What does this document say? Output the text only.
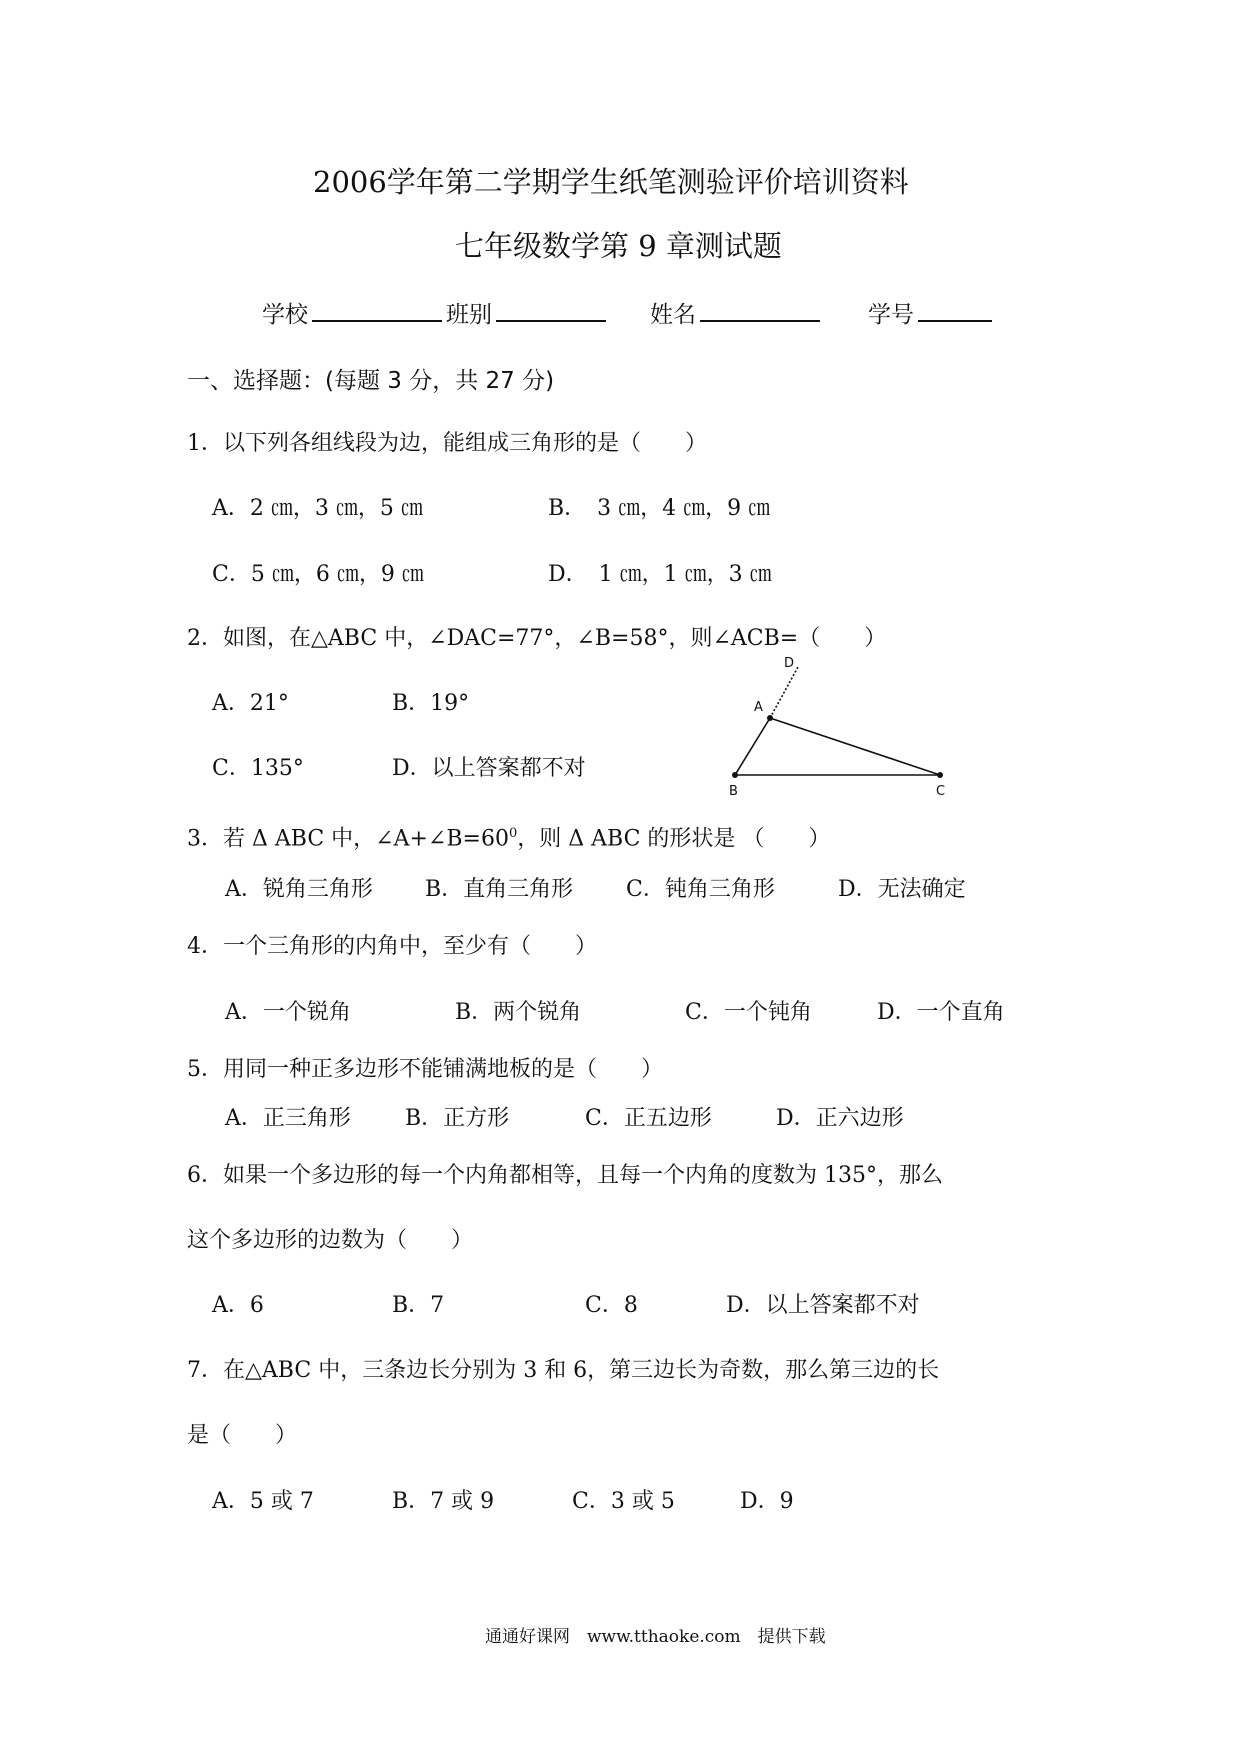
2006学年第二学期学生纸笔测验评价培训资料
七年级数学第 9 章测试题
学校	班别	姓名	学号
一、选择题：(每题 3 分，共 27 分)
1．以下列各组线段为边，能组成三角形的是（　　）
A．2 ㎝，3 ㎝，5 ㎝	B．　3 ㎝，4 ㎝，9 ㎝
C．5 ㎝，6 ㎝，9 ㎝	D．　1 ㎝，1 ㎝，3 ㎝
2．如图，在△ABC 中，∠DAC=77°，∠B=58°，则∠ACB=（　　）
A．21°	B．19°
C．135°	D．以上答案都不对
D
A
B	C
3．若 Δ ABC 中，$\angle A+\angle B=60^0$，则 Δ ABC 的形状是 （　　）
A．锐角三角形 B．直角三角形 C．钝角三角形	D．无法确定
4．一个三角形的内角中，至少有（　　）
A．一个锐角	B．两个锐角	C．一个钝角	D．一个直角
5．用同一种正多边形不能铺满地板的是（　　）
A．正三角形 B．正方形	C．正五边形	D．正六边形
6．如果一个多边形的每一个内角都相等，且每一个内角的度数为 135°，那么
这个多边形的边数为（　　）
A．6	B．7	C．8	D．以上答案都不对
7．在△ABC 中，三条边长分别为 3 和 6，第三边长为奇数，那么第三边的长
是（　　）
A．5 或 7	B．7 或 9	C．3 或 5	D．9
通通好课网　www.tthaoke.com　提供下载
